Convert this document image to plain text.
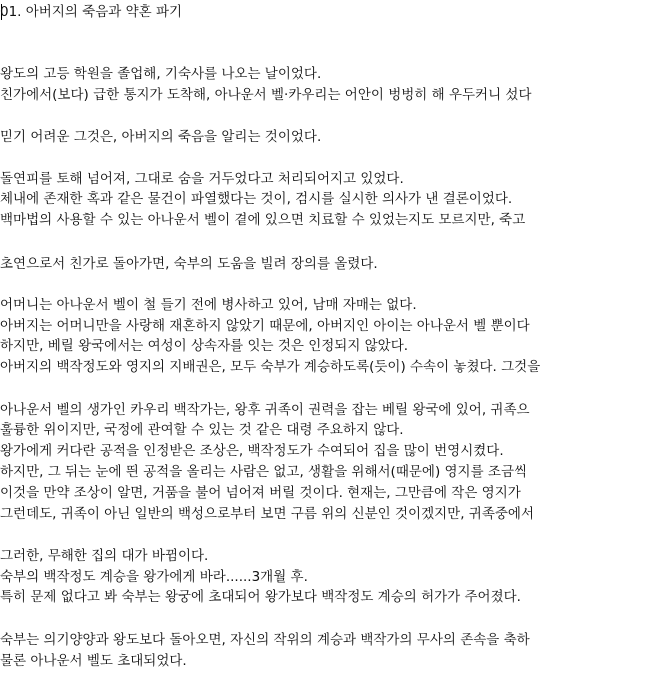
01. 아버지의 죽음과 약혼 파기
왕도의 고등 학원을 졸업해, 기숙사를 나오는 날이었다.
친가에서(보다) 급한 통지가 도착해, 아나운서 벨·카우리는 어안이 벙벙히 해 우두커니 섰다
믿기 어려운 그것은, 아버지의 죽음을 알리는 것이었다.
돌연피를 토해 넘어져, 그대로 숨을 거두었다고 처리되어지고 있었다.
체내에 존재한 혹과 같은 물건이 파열했다는 것이, 검시를 실시한 의사가 낸 결론이었다.
백마법의 사용할 수 있는 아나운서 벨이 곁에 있으면 치료할 수 있었는지도 모르지만, 죽고
초연으로서 친가로 돌아가면, 숙부의 도움을 빌려 장의를 올렸다.
어머니는 아나운서 벨이 철 들기 전에 병사하고 있어, 남매 자매는 없다.
아버지는 어머니만을 사랑해 재혼하지 않았기 때문에, 아버지인 아이는 아나운서 벨 뿐이다
하지만, 베릴 왕국에서는 여성이 상속자를 잇는 것은 인정되지 않았다.
아버지의 백작정도와 영지의 지배권은, 모두 숙부가 계승하도록(듯이) 수속이 놓쳤다. 그것을
아나운서 벨의 생가인 카우리 백작가는, 왕후 귀족이 권력을 잡는 베릴 왕국에 있어, 귀족으
훌륭한 위이지만, 국정에 관여할 수 있는 것 같은 대령 주요하지 않다.
왕가에게 커다란 공적을 인정받은 조상은, 백작정도가 수여되어 집을 많이 번영시켰다.
하지만, 그 뒤는 눈에 띈 공적을 올리는 사람은 없고, 생활을 위해서(때문에) 영지를 조금씩
이것을 만약 조상이 알면, 거품을 불어 넘어져 버릴 것이다. 현재는, 그만큼에 작은 영지가
그런데도, 귀족이 아닌 일반의 백성으로부터 보면 구름 위의 신분인 것이겠지만, 귀족중에서
그러한, 무해한 집의 대가 바뀜이다.
숙부의 백작정도 계승을 왕가에게 바라......3개월 후.
특히 문제 없다고 봐 숙부는 왕궁에 초대되어 왕가보다 백작정도 계승의 허가가 주어졌다.
숙부는 의기양양과 왕도보다 돌아오면, 자신의 작위의 계승과 백작가의 무사의 존속을 축하
물론 아나운서 벨도 초대되었다.
